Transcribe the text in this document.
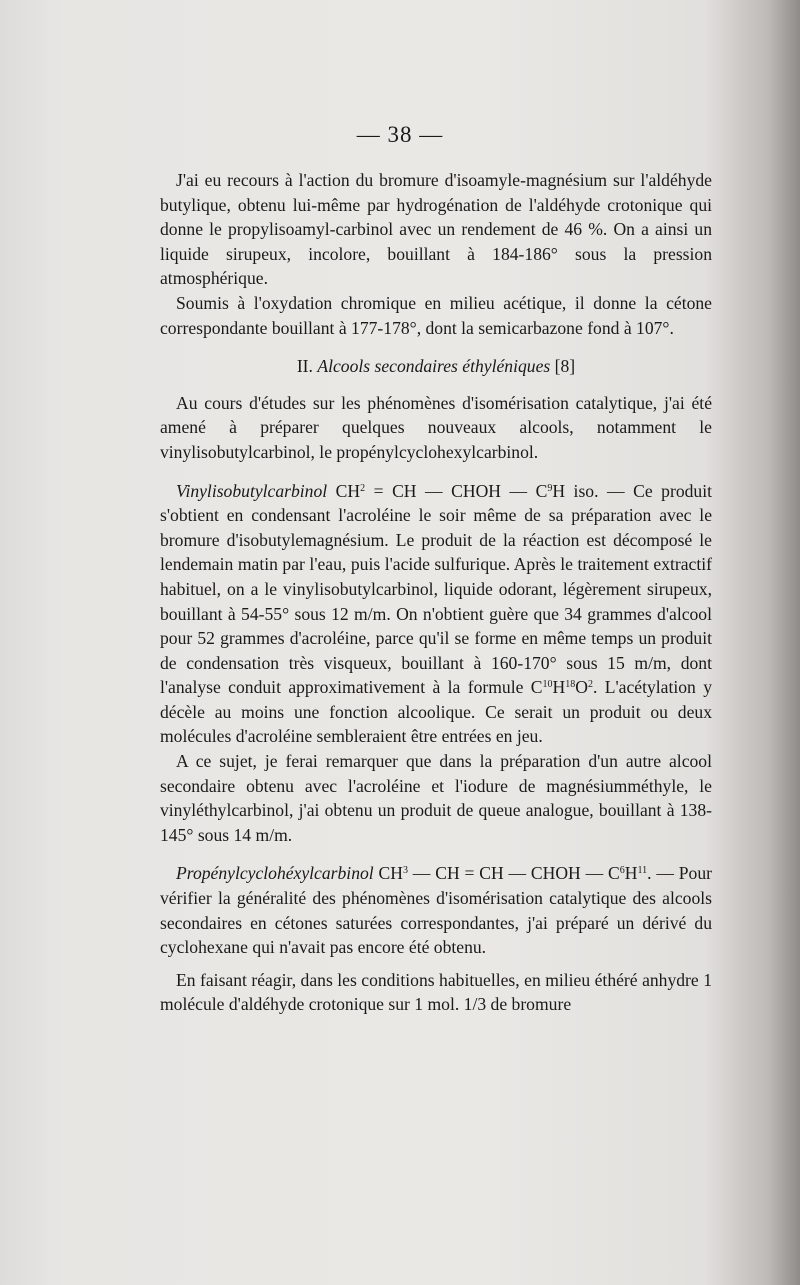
— 38 —

J'ai eu recours à l'action du bromure d'isoamyle-magnésium sur l'aldéhyde butylique, obtenu lui-même par hydrogénation de l'aldéhyde crotonique qui donne le propylisoamyl-carbinol avec un rendement de 46 %. On a ainsi un liquide sirupeux, incolore, bouillant à 184-186° sous la pression atmosphérique.

Soumis à l'oxydation chromique en milieu acétique, il donne la cétone correspondante bouillant à 177-178°, dont la semicarbazone fond à 107°.

II. Alcools secondaires éthyléniques [8]

Au cours d'études sur les phénomènes d'isomérisation catalytique, j'ai été amené à préparer quelques nouveaux alcools, notamment le vinylisobutylcarbinol, le propénylcyclohexylcarbinol.

Vinylisobutylcarbinol $CH^2$ = CH — CHOH — $C^9H$ iso. — Ce produit s'obtient en condensant l'acroléine le soir même de sa préparation avec le bromure d'isobutylemagnésium. Le produit de la réaction est décomposé le lendemain matin par l'eau, puis l'acide sulfurique. Après le traitement extractif habituel, on a le vinylisobutylcarbinol, liquide odorant, légèrement sirupeux, bouillant à 54-55° sous 12 m/m. On n'obtient guère que 34 grammes d'alcool pour 52 grammes d'acroléine, parce qu'il se forme en même temps un produit de condensation très visqueux, bouillant à 160-170° sous 15 m/m, dont l'analyse conduit approximativement à la formule $C^{10}H^{18}O^2$. L'acétylation y décèle au moins une fonction alcoolique. Ce serait un produit ou deux molécules d'acroléine sembleraient être entrées en jeu.

A ce sujet, je ferai remarquer que dans la préparation d'un autre alcool secondaire obtenu avec l'acroléine et l'iodure de magnésiumméthyle, le vinyléthylcarbinol, j'ai obtenu un produit de queue analogue, bouillant à 138-145° sous 14 m/m.

Propénylcyclohéxylcarbinol $CH^3$ — CH = CH — CHOH — $C^6H^{11}$. — Pour vérifier la généralité des phénomènes d'isomérisation catalytique des alcools secondaires en cétones saturées correspondantes, j'ai préparé un dérivé du cyclohexane qui n'avait pas encore été obtenu.

En faisant réagir, dans les conditions habituelles, en milieu éthéré anhydre 1 molécule d'aldéhyde crotonique sur 1 mol. 1/3 de bromure
